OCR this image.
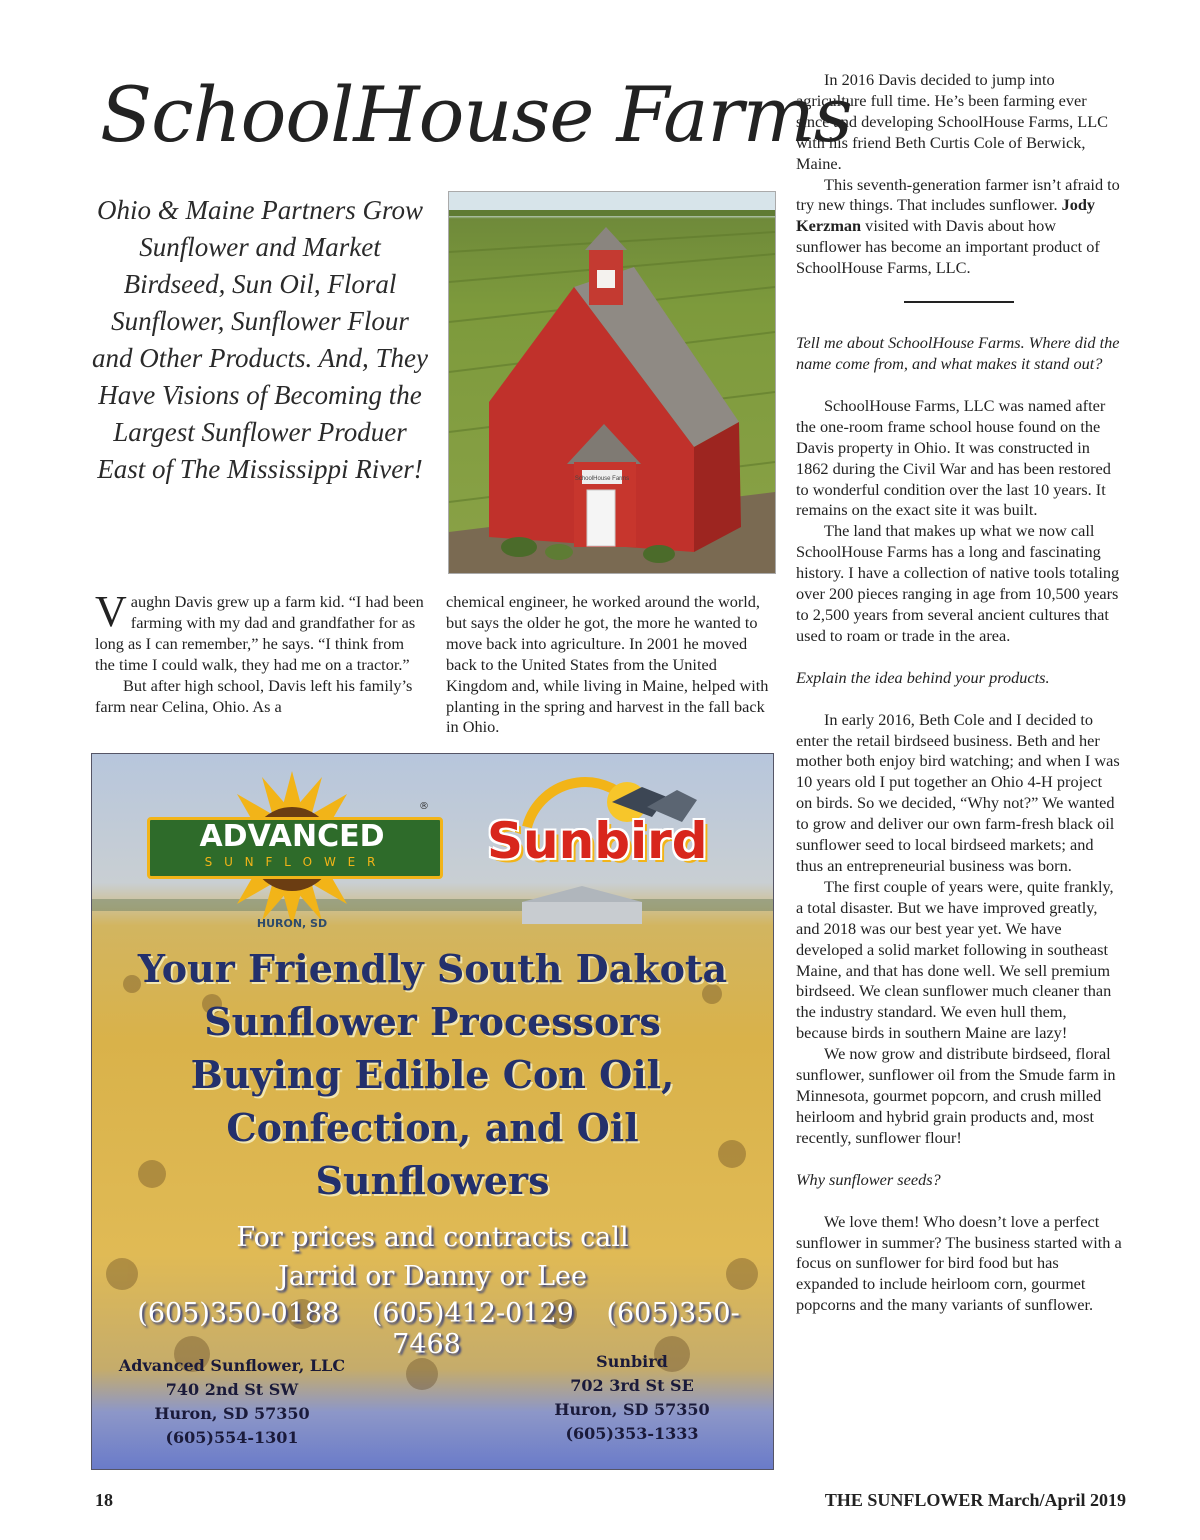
SchoolHouse Farms
Ohio & Maine Partners Grow Sunflower and Market Birdseed, Sun Oil, Floral Sunflower, Sunflower Flour and Other Products. And, They Have Visions of Becoming the Largest Sunflower Produer East of The Mississippi River!	SchoolHouse Farms

Vaughn Davis grew up a farm kid. “I had been farming with my dad and grandfather for as long as I can remember,” he says. “I think from the time I could walk, they had me on a tractor.”

But after high school, Davis left his family’s farm near Celina, Ohio. As a

chemical engineer, he worked around the world, but says the older he got, the more he wanted to move back into agriculture. In 2001 he moved back to the United States from the United Kingdom and, while living in Maine, helped with planting in the spring and harvest in the fall back in Ohio.

In 2016 Davis decided to jump into agriculture full time. He’s been farming ever since and developing SchoolHouse Farms, LLC with his friend Beth Curtis Cole of Berwick, Maine.

This seventh-generation farmer isn’t afraid to try new things. That includes sunflower. Jody Kerzman visited with Davis about how sunflower has become an important product of SchoolHouse Farms, LLC.

Tell me about SchoolHouse Farms. Where did the name come from, and what makes it stand out?

SchoolHouse Farms, LLC was named after the one-room frame school house found on the Davis property in Ohio. It was constructed in 1862 during the Civil War and has been restored to wonderful condition over the last 10 years. It remains on the exact site it was built.

The land that makes up what we now call SchoolHouse Farms has a long and fascinating history. I have a collection of native tools totaling over 200 pieces ranging in age from 10,500 years to 2,500 years from several ancient cultures that used to roam or trade in the area.

Explain the idea behind your products.

In early 2016, Beth Cole and I decided to enter the retail birdseed business. Beth and her mother both enjoy bird watching; and when I was 10 years old I put together an Ohio 4-H project on birds. So we decided, “Why not?” We wanted to grow and deliver our own farm-fresh black oil sunflower seed to local birdseed markets; and thus an entrepreneurial business was born.

The first couple of years were, quite frankly, a total disaster. But we have improved greatly, and 2018 was our best year yet. We have developed a solid market following in southeast Maine, and that has done well. We sell premium birdseed. We clean sunflower much cleaner than the industry standard. We even hull them, because birds in southern Maine are lazy!

We now grow and distribute birdseed, floral sunflower, sunflower oil from the Smude farm in Minnesota, gourmet popcorn, and crush milled heirloom and hybrid grain products and, most recently, sunflower flour!

Why sunflower seeds?

We love them! Who doesn’t love a perfect sunflower in summer? The business started with a focus on sunflower for bird food but has expanded to include heirloom corn, gourmet popcorns and the many variants of sunflower.

ADVANCED
S U N F L O W E R
®
HURON, SD
Sunbird
Your Friendly South Dakota
Sunflower Processors
Buying Edible Con Oil,
Confection, and Oil
Sunflowers
For prices and contracts call
Jarrid or Danny or Lee
(605)350-0188 (605)412-0129 (605)350-7468
Advanced Sunflower, LLC
740 2nd St SW
Huron, SD 57350
(605)554-1301
Sunbird
702 3rd St SE
Huron, SD 57350
(605)353-1333
18	THE SUNFLOWER March/April 2019
